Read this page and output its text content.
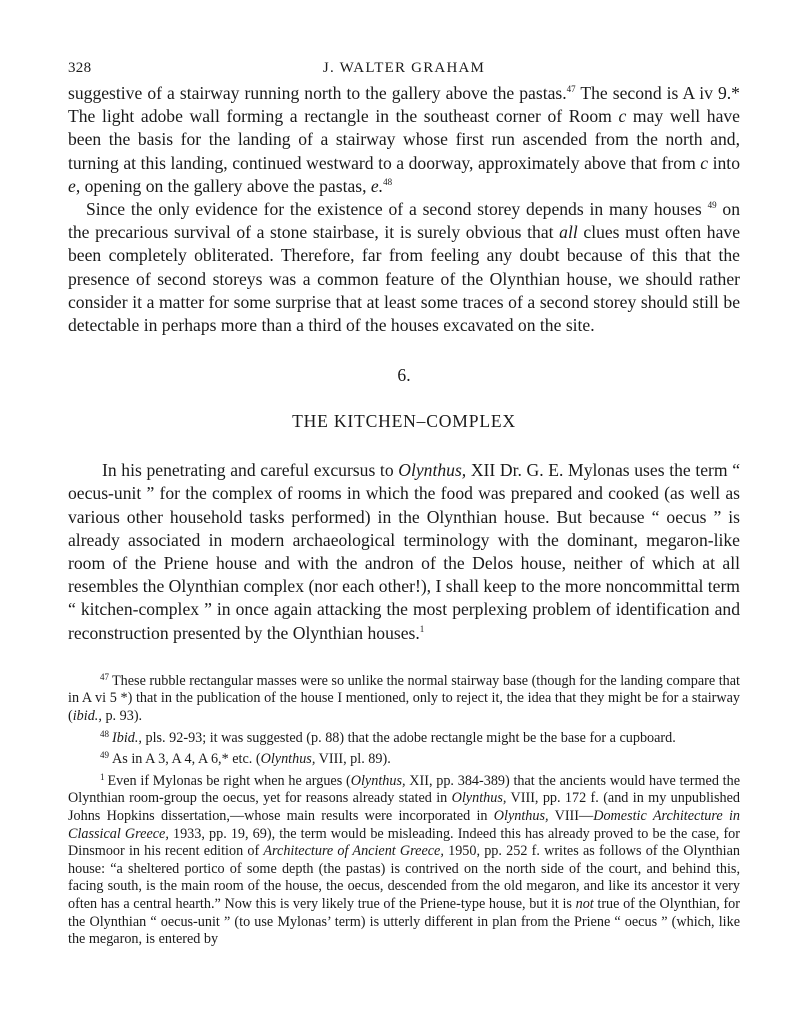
328	J. WALTER GRAHAM

suggestive of a stairway running north to the gallery above the pastas.$^{47}$ The second is A iv 9.* The light adobe wall forming a rectangle in the southeast corner of Room c may well have been the basis for the landing of a stairway whose first run ascended from the north and, turning at this landing, continued westward to a doorway, approximately above that from c into e, opening on the gallery above the pastas, e.$^{48}$

Since the only evidence for the existence of a second storey depends in many houses $^{49}$ on the precarious survival of a stone stairbase, it is surely obvious that all clues must often have been completely obliterated. Therefore, far from feeling any doubt because of this that the presence of second storeys was a common feature of the Olynthian house, we should rather consider it a matter for some surprise that at least some traces of a second storey should still be detectable in perhaps more than a third of the houses excavated on the site.

6.
THE KITCHEN–COMPLEX

In his penetrating and careful excursus to Olynthus, XII Dr. G. E. Mylonas uses the term “ oecus-unit ” for the complex of rooms in which the food was prepared and cooked (as well as various other household tasks performed) in the Olynthian house. But because “ oecus ” is already associated in modern archaeological terminology with the dominant, megaron-like room of the Priene house and with the andron of the Delos house, neither of which at all resembles the Olynthian complex (nor each other!), I shall keep to the more noncommittal term “ kitchen-complex ” in once again attacking the most perplexing problem of identification and reconstruction presented by the Olynthian houses.$^1$

$^{47}$ These rubble rectangular masses were so unlike the normal stairway base (though for the landing compare that in A vi 5 *) that in the publication of the house I mentioned, only to reject it, the idea that they might be for a stairway (ibid., p. 93).

$^{48}$ Ibid., pls. 92-93; it was suggested (p. 88) that the adobe rectangle might be the base for a cupboard.

$^{49}$ As in A 3, A 4, A 6,* etc. (Olynthus, VIII, pl. 89).

$^1$ Even if Mylonas be right when he argues (Olynthus, XII, pp. 384-389) that the ancients would have termed the Olynthian room-group the oecus, yet for reasons already stated in Olynthus, VIII, pp. 172 f. (and in my unpublished Johns Hopkins dissertation,—whose main results were incorporated in Olynthus, VIII—Domestic Architecture in Classical Greece, 1933, pp. 19, 69), the term would be misleading. Indeed this has already proved to be the case, for Dinsmoor in his recent edition of Architecture of Ancient Greece, 1950, pp. 252 f. writes as follows of the Olynthian house: “a sheltered portico of some depth (the pastas) is contrived on the north side of the court, and behind this, facing south, is the main room of the house, the oecus, descended from the old megaron, and like its ancestor it very often has a central hearth.” Now this is very likely true of the Priene-type house, but it is not true of the Olynthian, for the Olynthian “ oecus-unit ” (to use Mylonas’ term) is utterly different in plan from the Priene “ oecus ” (which, like the megaron, is entered by
